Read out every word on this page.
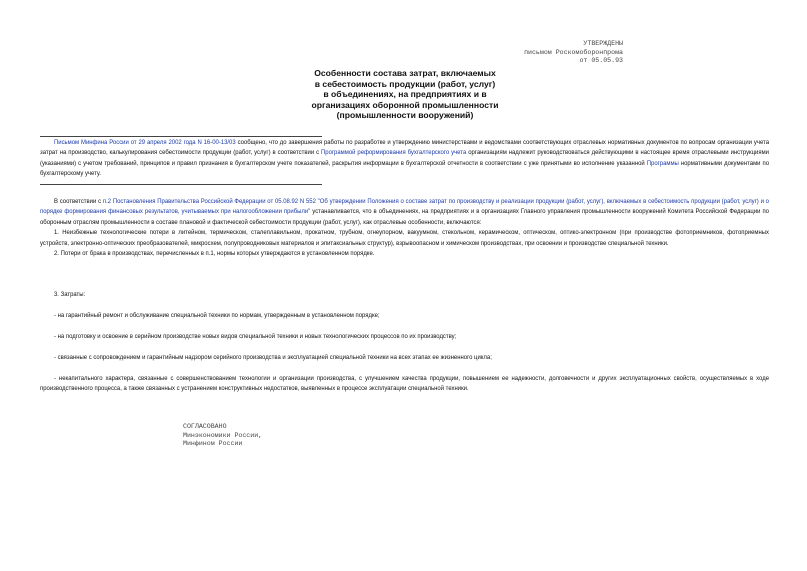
УТВЕРЖДЕНЫ
письмом Роскомоборонпрома
от 05.05.93
Особенности состава затрат, включаемых
в себестоимость продукции (работ, услуг)
в объединениях, на предприятиях и в
организациях оборонной промышленности
(промышленности вооружений)

Письмом Минфина России от 29 апреля 2002 года N 16-00-13/03 сообщено, что до завершения работы по разработке и утверждению министерствами и ведомствами соответствующих отраслевых нормативных документов по вопросам организации учета затрат на производство, калькулирования себестоимости продукции (работ, услуг) в соответствии с Программой реформирования бухгалтерского учета организациям надлежит руководствоваться действующими в настоящее время отраслевыми инструкциями (указаниями) с учетом требований, принципов и правил признания в бухгалтерском учете показателей, раскрытия информации в бухгалтерской отчетности в соответствии с уже принятыми во исполнение указанной Программы нормативными документами по бухгалтерскому учету.

В соответствии с п.2 Постановления Правительства Российской Федерации от 05.08.92 N 552 "Об утверждении Положения о составе затрат по производству и реализации продукции (работ, услуг), включаемых в себестоимость продукции (работ, услуг) и о порядке формирования финансовых результатов, учитываемых при налогообложении прибыли" устанавливается, что в объединениях, на предприятиях и в организациях Главного управления промышленности вооружений Комитета Российской Федерации по оборонным отраслям промышленности в составе плановой и фактической себестоимости продукции (работ, услуг), как отраслевые особенности, включаются:

1. Неизбежные технологические потери в литейном, термическом, сталеплавильном, прокатном, трубном, огнеупорном, вакуумном, стекольном, керамическом, оптическом, оптико-электронном (при производстве фотоприемников, фотоприемных устройств, электронно-оптических преобразователей, микросхем, полупроводниковых материалов и эпитаксиальных структур), взрывоопасном и химическом производствах, при освоении и производстве специальной техники.

2. Потери от брака в производствах, перечисленных в п.1, нормы которых утверждаются в установленном порядке.

3. Затраты:

- на гарантийный ремонт и обслуживание специальной техники по нормам, утвержденным в установленном порядке;

- на подготовку и освоение в серийном производстве новых видов специальной техники и новых технологических процессов по их производству;

- связанные с сопровождением и гарантийным надзором серийного производства и эксплуатацией специальной техники на всех этапах ее жизненного цикла;

- некапитального характера, связанные с совершенствованием технологии и организации производства, с улучшением качества продукции, повышением ее надежности, долговечности и других эксплуатационных свойств, осуществляемых в ходе производственного процесса, а также связанных с устранением конструктивных недостатков, выявленных в процессе эксплуатации специальной техники.

СОГЛАСОВАНО
Минэкономики России,
Минфином России
